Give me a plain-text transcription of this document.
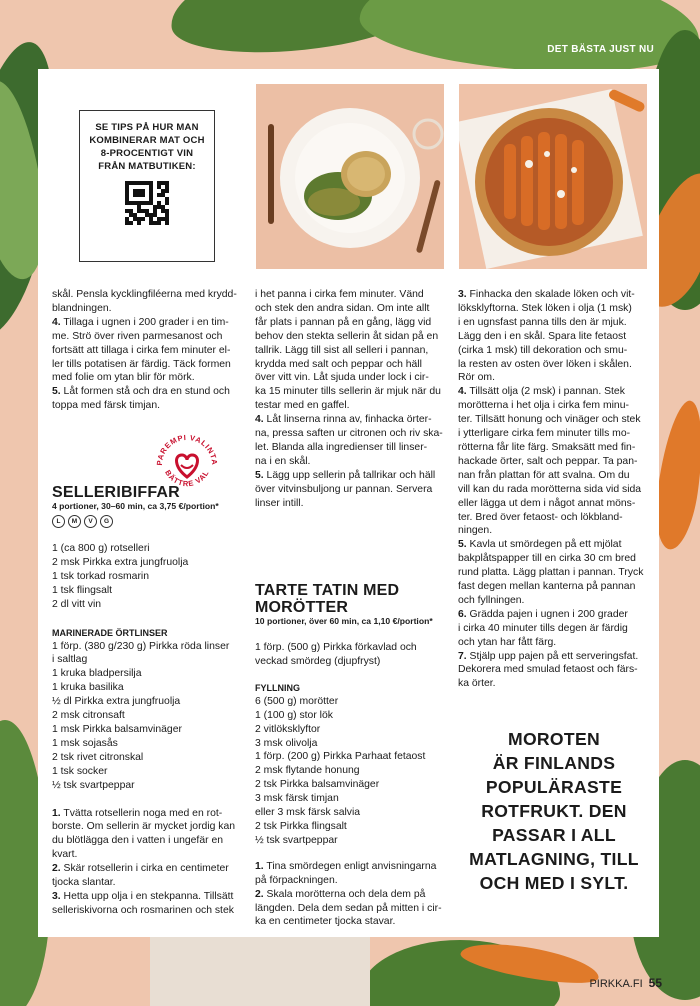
DET BÄSTA JUST NU
SE TIPS PÅ HUR MAN KOMBINERAR MAT OCH 8-PROCENTIGT VIN FRÅN MATBUTIKEN:

skål. Pensla kycklingfiléerna med krydd-

blandningen.

4. Tillaga i ugnen i 200 grader i en tim-

me. Strö över riven parmesanost och

fortsätt att tillaga i cirka fem minuter el-

ler tills potatisen är färdig. Täck formen

med folie om ytan blir för mörk.

5. Låt formen stå och dra en stund och

toppa med färsk timjan.

PAREMPI VALINTA
BÄTTRE VAL

SELLERIBIFFAR

4 portioner, 30–60 min, ca 3,75 €/portion*

L	M	V	G

1 (ca 800 g) rotselleri

2 msk Pirkka extra jungfruolja

1 tsk torkad rosmarin

1 tsk flingsalt

2 dl vitt vin

MARINERADE ÖRTLINSER

1 förp. (380 g/230 g) Pirkka röda linser

i saltlag

1 kruka bladpersilja

1 kruka basilika

½ dl Pirkka extra jungfruolja

2 msk citronsaft

1 msk Pirkka balsamvinäger

1 msk sojasås

2 tsk rivet citronskal

1 tsk socker

½ tsk svartpeppar

1. Tvätta rotsellerin noga med en rot-

borste. Om sellerin är mycket jordig kan

du blötlägga den i vatten i ungefär en

kvart.

2. Skär rotsellerin i cirka en centimeter

tjocka slantar.

3. Hetta upp olja i en stekpanna. Tillsätt

selleriskivorna och rosmarinen och stek

i het panna i cirka fem minuter. Vänd

och stek den andra sidan. Om inte allt

får plats i pannan på en gång, lägg vid

behov den stekta sellerin åt sidan på en

tallrik. Lägg till sist all selleri i pannan,

krydda med salt och peppar och häll

över vitt vin. Låt sjuda under lock i cir-

ka 15 minuter tills sellerin är mjuk när du

testar med en gaffel.

4. Låt linserna rinna av, finhacka örter-

na, pressa saften ur citronen och riv ska-

let. Blanda alla ingredienser till linser-

na i en skål.

5. Lägg upp sellerin på tallrikar och häll

över vitvinsbuljong ur pannan. Servera

linser intill.

TARTE TATIN MED MORÖTTER

10 portioner, över 60 min, ca 1,10 €/portion*

1 förp. (500 g) Pirkka förkavlad och

veckad smördeg (djupfryst)

FYLLNING

6 (500 g) morötter

1 (100 g) stor lök

2 vitlöksklyftor

3 msk olivolja

1 förp. (200 g) Pirkka Parhaat fetaost

2 msk flytande honung

2 tsk Pirkka balsamvinäger

3 msk färsk timjan

eller 3 msk färsk salvia

2 tsk Pirkka flingsalt

½ tsk svartpeppar

1. Tina smördegen enligt anvisningarna

på förpackningen.

2. Skala morötterna och dela dem på

längden. Dela dem sedan på mitten i cir-

ka en centimeter tjocka stavar.

3. Finhacka den skalade löken och vit-

löksklyftorna. Stek löken i olja (1 msk)

i en ugnsfast panna tills den är mjuk.

Lägg den i en skål. Spara lite fetaost

(cirka 1 msk) till dekoration och smu-

la resten av osten över löken i skålen.

Rör om.

4. Tillsätt olja (2 msk) i pannan. Stek

morötterna i het olja i cirka fem minu-

ter. Tillsätt honung och vinäger och stek

i ytterligare cirka fem minuter tills mo-

rötterna får lite färg. Smaksätt med fin-

hackade örter, salt och peppar. Ta pan-

nan från plattan för att svalna. Om du

vill kan du rada morötterna sida vid sida

eller lägga ut dem i något annat möns-

ter. Bred över fetaost- och lökbland-

ningen.

5. Kavla ut smördegen på ett mjölat

bakplåtspapper till en cirka 30 cm bred

rund platta. Lägg plattan i pannan. Tryck

fast degen mellan kanterna på pannan

och fyllningen.

6. Grädda pajen i ugnen i 200 grader

i cirka 40 minuter tills degen är färdig

och ytan har fått färg.

7. Stjälp upp pajen på ett serveringsfat.

Dekorera med smulad fetaost och färs-

ka örter.

MOROTEN
ÄR FINLANDS
POPULÄRASTE
ROTFRUKT. DEN
PASSAR I ALL
MATLAGNING, TILL
OCH MED I SYLT.
PIRKKA.FI 55
